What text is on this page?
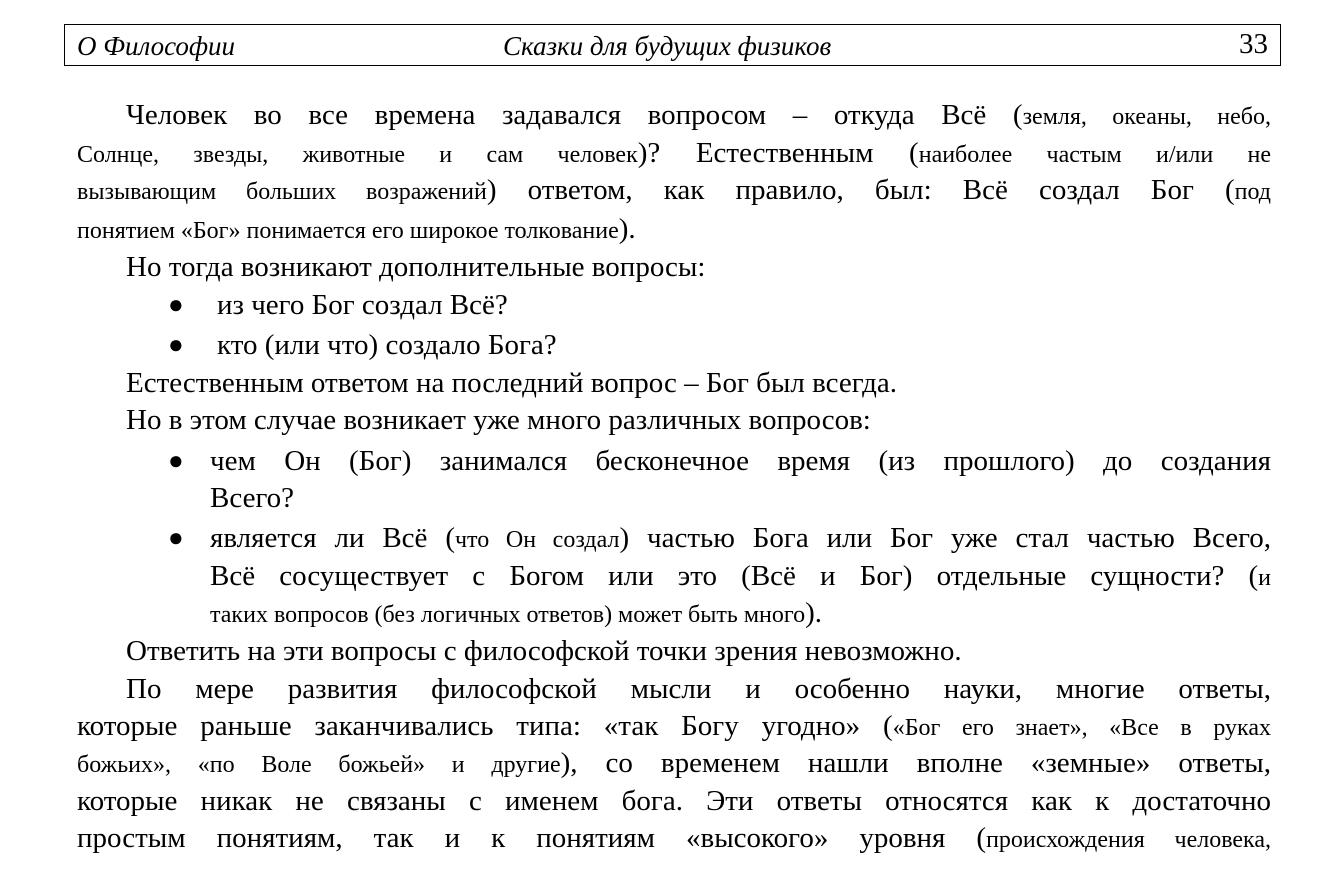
О Философии	Сказки для будущих физиков	33
Человек во все времена задавался вопросом – откуда Всё (земля, океаны, небо,
Солнце, звезды, животные и сам человек)? Естественным (наиболее частым и/или не
вызывающим больших возражений) ответом, как правило, был: Всё создал Бог (под
понятием «Бог» понимается его широкое толкование).
Но тогда возникают дополнительные вопросы:
● из чего Бог создал Всё?
● кто (или что) создало Бога?
Естественным ответом на последний вопрос – Бог был всегда.
Но в этом случае возникает уже много различных вопросов:
● чем Он (Бог) занимался бесконечное время (из прошлого) до создания
Всего?
● является ли Всё (что Он создал) частью Бога или Бог уже стал частью Всего,
Всё сосуществует с Богом или это (Всё и Бог) отдельные сущности? (и
таких вопросов (без логичных ответов) может быть много).
Ответить на эти вопросы с философской точки зрения невозможно.
По мере развития философской мысли и особенно науки, многие ответы,
которые раньше заканчивались типа: «так Богу угодно» («Бог его знает», «Все в руках
божьих», «по Воле божьей» и другие), со временем нашли вполне «земные» ответы,
которые никак не связаны с именем бога. Эти ответы относятся как к достаточно
простым понятиям, так и к понятиям «высокого» уровня (происхождения человека,
